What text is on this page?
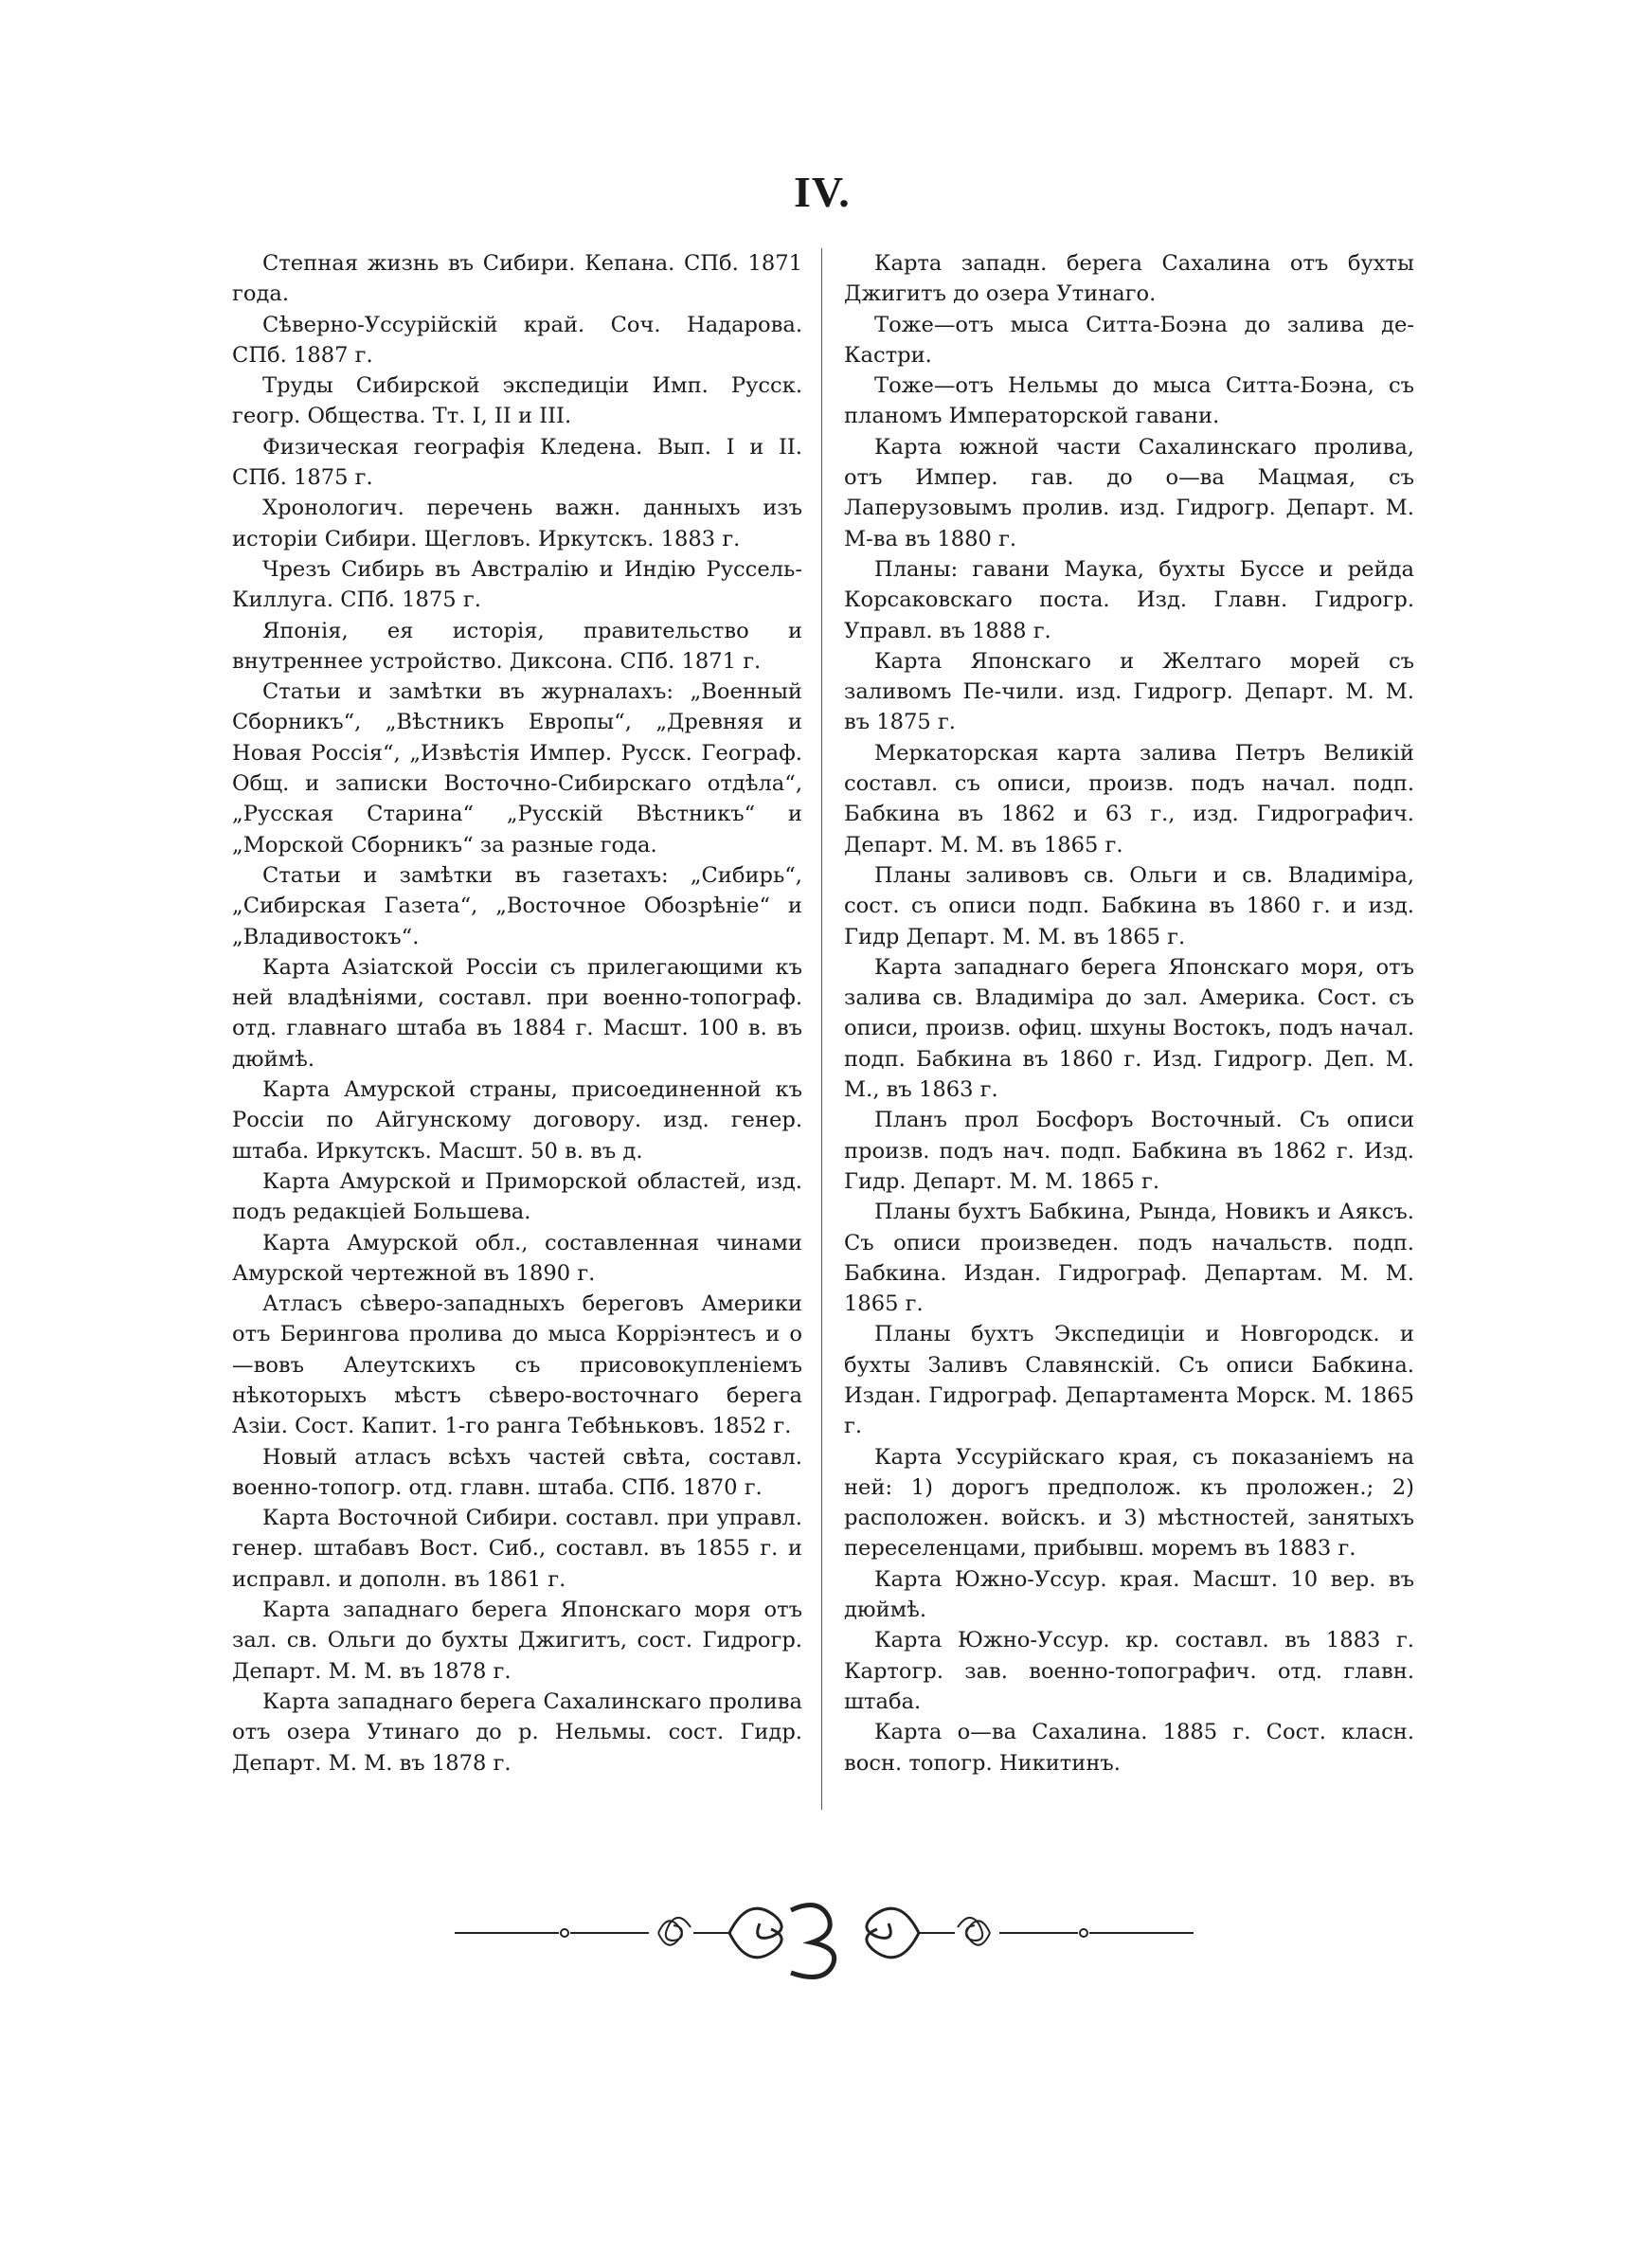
IV.

Степная жизнь въ Сибири. Кепана. СПб. 1871 года.

Сѣверно-Уссурійскій край. Соч. Надарова. СПб. 1887 г.

Труды Сибирской экспедиціи Имп. Русск. геогр. Общества. Тт. I, II и III.

Физическая географія Кледена. Вып. I и II. СПб. 1875 г.

Хронологич. перечень важн. данныхъ изъ исторіи Сибири. Щегловъ. Иркутскъ. 1883 г.

Чрезъ Сибирь въ Австралію и Индію Руссель-Киллуга. СПб. 1875 г.

Японія, ея исторія, правительство и внутреннее устройство. Диксона. СПб. 1871 г.

Статьи и замѣтки въ журналахъ: „Военный Сборникъ“, „Вѣстникъ Европы“, „Древняя и Новая Россія“, „Извѣстія Импер. Русск. Географ. Общ. и записки Восточно-Сибирскаго отдѣла“, „Русская Старина“ „Русскій Вѣстникъ“ и „Морской Сборникъ“ за разные года.

Статьи и замѣтки въ газетахъ: „Сибирь“, „Сибирская Газета“, „Восточное Обозрѣніе“ и „Владивостокъ“.

Карта Азіатской Россіи съ прилегающими къ ней владѣніями, составл. при военно-топограф. отд. главнаго штаба въ 1884 г. Масшт. 100 в. въ дюймѣ.

Карта Амурской страны, присоединенной къ Россіи по Айгунскому договору. изд. генер. штаба. Иркутскъ. Масшт. 50 в. въ д.

Карта Амурской и Приморской областей, изд. подъ редакціей Большева.

Карта Амурской обл., составленная чинами Амурской чертежной въ 1890 г.

Атласъ сѣверо-западныхъ береговъ Америки отъ Берингова пролива до мыса Корріэнтесъ и о—вовъ Алеутскихъ съ присовокупленіемъ нѣкоторыхъ мѣстъ сѣверо-восточнаго берега Азіи. Сост. Капит. 1-го ранга Тебѣньковъ. 1852 г.

Новый атласъ всѣхъ частей свѣта, составл. военно-топогр. отд. главн. штаба. СПб. 1870 г.

Карта Восточной Сибири. составл. при управл. генер. штабавъ Вост. Сиб., составл. въ 1855 г. и исправл. и дополн. въ 1861 г.

Карта западнаго берега Японскаго моря отъ зал. св. Ольги до бухты Джигитъ, сост. Гидрогр. Департ. М. М. въ 1878 г.

Карта западнаго берега Сахалинскаго пролива отъ озера Утинаго до р. Нельмы. сост. Гидр. Департ. М. М. въ 1878 г.

Карта западн. берега Сахалина отъ бухты Джигитъ до озера Утинаго.

Тоже—отъ мыса Ситта-Боэна до залива де-Кастри.

Тоже—отъ Нельмы до мыса Ситта-Боэна, съ планомъ Императорской гавани.

Карта южной части Сахалинскаго пролива, отъ Импер. гав. до о—ва Мацмая, съ Лаперузовымъ пролив. изд. Гидрогр. Департ. М. М-ва въ 1880 г.

Планы: гавани Маука, бухты Буссе и рейда Корсаковскаго поста. Изд. Главн. Гидрогр. Управл. въ 1888 г.

Карта Японскаго и Желтаго морей съ заливомъ Пе-чили. изд. Гидрогр. Департ. М. М. въ 1875 г.

Меркаторская карта залива Петръ Великій составл. съ описи, произв. подъ начал. подп. Бабкина въ 1862 и 63 г., изд. Гидрографич. Департ. М. М. въ 1865 г.

Планы заливовъ св. Ольги и св. Владиміра, сост. съ описи подп. Бабкина въ 1860 г. и изд. Гидр Департ. М. М. въ 1865 г.

Карта западнаго берега Японскаго моря, отъ залива св. Владиміра до зал. Америка. Сост. съ описи, произв. офиц. шхуны Востокъ, подъ начал. подп. Бабкина въ 1860 г. Изд. Гидрогр. Деп. М. М., въ 1863 г.

Планъ прол Босфоръ Восточный. Съ описи произв. подъ нач. подп. Бабкина въ 1862 г. Изд. Гидр. Департ. М. М. 1865 г.

Планы бухтъ Бабкина, Рында, Новикъ и Аяксъ. Съ описи произведен. подъ начальств. подп. Бабкина. Издан. Гидрограф. Департам. М. М. 1865 г.

Планы бухтъ Экспедиціи и Новгородск. и бухты Заливъ Славянскій. Съ описи Бабкина. Издан. Гидрограф. Департамента Морск. М. 1865 г.

Карта Уссурійскаго края, съ показаніемъ на ней: 1) дорогъ предполож. къ проложен.; 2) расположен. войскъ. и 3) мѣстностей, занятыхъ переселенцами, прибывш. моремъ въ 1883 г.

Карта Южно-Уссур. края. Масшт. 10 вер. въ дюймѣ.

Карта Южно-Уссур. кр. составл. въ 1883 г. Картогр. зав. военно-топографич. отд. главн. штаба.

Карта о—ва Сахалина. 1885 г. Сост. класн. восн. топогр. Никитинъ.
